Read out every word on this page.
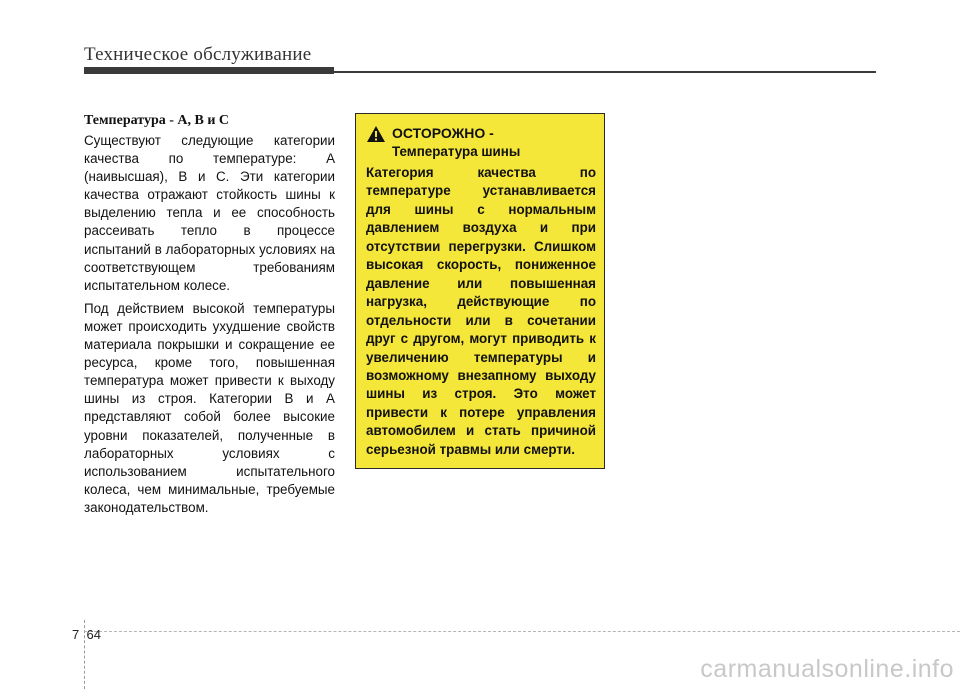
Техническое обслуживание
Температура - A, B и C

Существуют следующие категории качества по температуре: А (наивысшая), В и С. Эти категории качества отражают стойкость шины к выделению тепла и ее способность рассеивать тепло в процессе испытаний в лабораторных условиях на соответствующем требованиям испытательном колесе.

Под действием высокой температуры может происходить ухудшение свойств материала покрышки и сокращение ее ресурса, кроме того, повышенная температура может привести к выходу шины из строя. Категории В и А представляют собой более высокие уровни показателей, полученные в лабораторных условиях с использованием испытательного колеса, чем минимальные, требуемые законодательством.

ОСТОРОЖНО -
Температура шины

Категория качества по температуре устанавливается для шины с нормальным давлением воздуха и при отсутствии перегрузки. Слишком высокая скорость, пониженное давление или повышенная нагрузка, действующие по отдельности или в сочетании друг с другом, могут приводить к увеличению температуры и возможному внезапному выходу шины из строя. Это может привести к потере управления автомобилем и стать причиной серьезной травмы или смерти.

7 64
carmanualsonline.info
